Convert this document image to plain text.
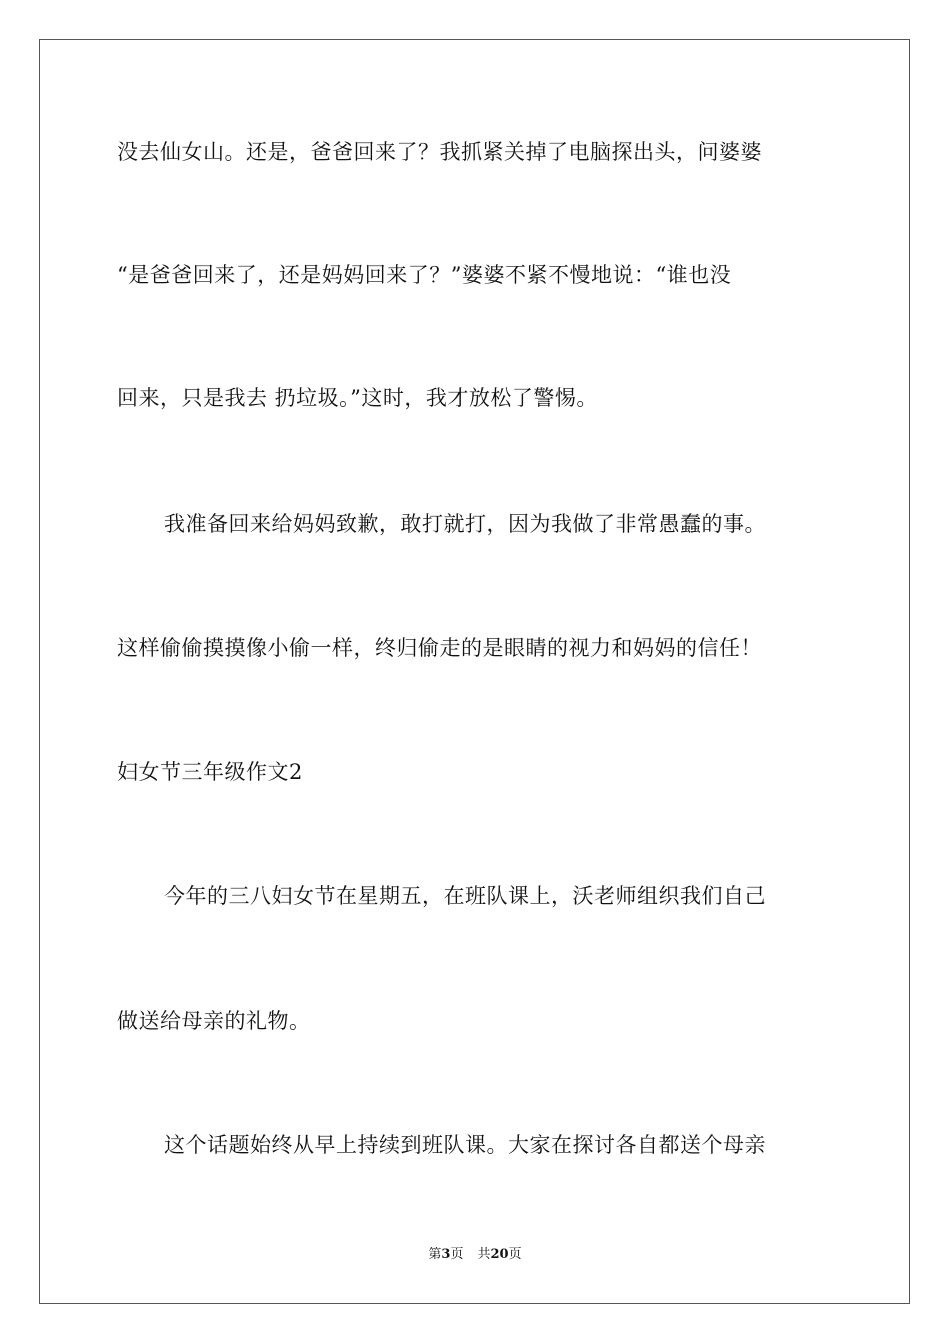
没去仙女山。还是，爸爸回来了？我抓紧关掉了电脑探出头，问婆婆
“是爸爸回来了，还是妈妈回来了？”婆婆不紧不慢地说：“谁也没
回来，只是我去 扔垃圾。”这时，我才放松了警惕。
我准备回来给妈妈致歉，敢打就打，因为我做了非常愚蠢的事。
这样偷偷摸摸像小偷一样，终归偷走的是眼睛的视力和妈妈的信任！
妇女节三年级作文2
今年的三八妇女节在星期五，在班队课上，沃老师组织我们自己
做送给母亲的礼物。
这个话题始终从早上持续到班队课。大家在探讨各自都送个母亲
第3页 共20页
